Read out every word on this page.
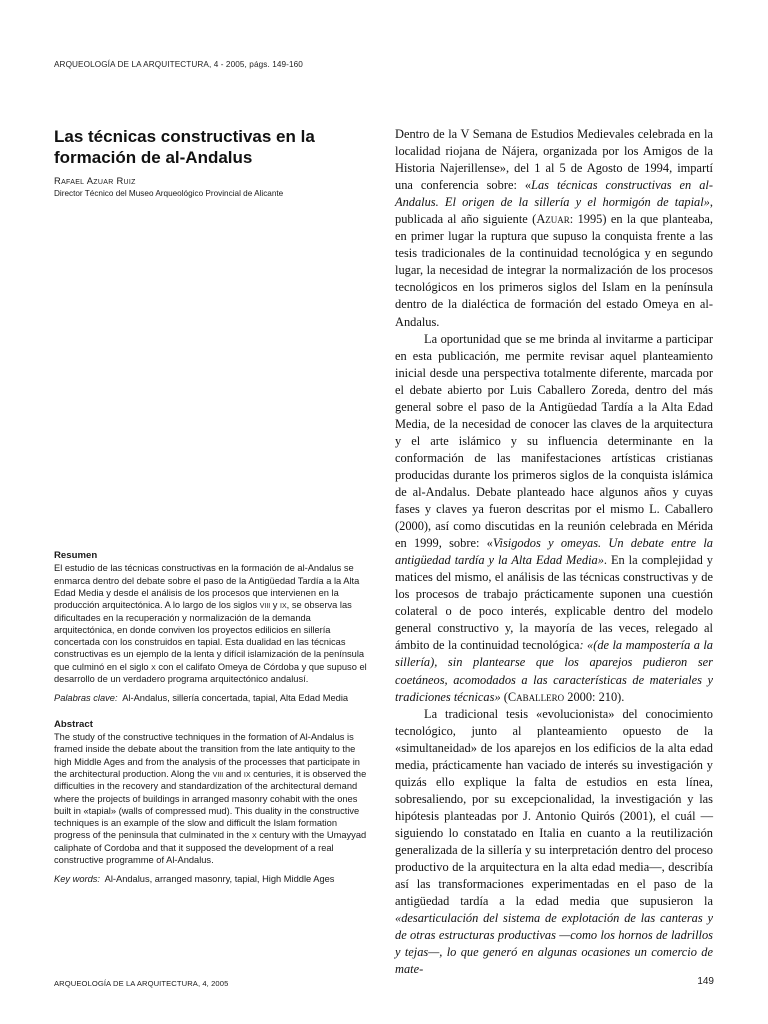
ARQUEOLOGÍA DE LA ARQUITECTURA, 4 - 2005, págs. 149-160
Las técnicas constructivas en la formación de al-Andalus
Rafael Azuar Ruiz
Director Técnico del Museo Arqueológico Provincial de Alicante
Resumen

El estudio de las técnicas constructivas en la formación de al-Andalus se enmarca dentro del debate sobre el paso de la Antigüedad Tardía a la Alta Edad Media y desde el análisis de los procesos que intervienen en la producción arquitectónica. A lo largo de los siglos viii y ix, se observa las dificultades en la recuperación y normalización de la demanda arquitectónica, en donde conviven los proyectos edilicios en sillería concertada con los construidos en tapial. Esta dualidad en las técnicas constructivas es un ejemplo de la lenta y difícil islamización de la península que culminó en el siglo x con el califato Omeya de Córdoba y que supuso el desarrollo de un verdadero programa arquitectónico andalusí.

Palabras clave: Al-Andalus, sillería concertada, tapial, Alta Edad Media

Abstract

The study of the constructive techniques in the formation of Al-Andalus is framed inside the debate about the transition from the late antiquity to the high Middle Ages and from the analysis of the processes that participate in the architectural production. Along the viii and ix centuries, it is observed the difficulties in the recovery and standardization of the architectural demand where the projects of buildings in arranged masonry cohabit with the ones built in «tapial» (walls of compressed mud). This duality in the constructive techniques is an example of the slow and difficult the Islam formation progress of the peninsula that culminated in the x century with the Umayyad caliphate of Cordoba and that it supposed the development of a real constructive programme of Al-Andalus.

Key words: Al-Andalus, arranged masonry, tapial, High Middle Ages

Dentro de la V Semana de Estudios Medievales celebrada en la localidad riojana de Nájera, organizada por los Amigos de la Historia Najerillense», del 1 al 5 de Agosto de 1994, impartí una conferencia sobre: «Las técnicas constructivas en al-Andalus. El origen de la sillería y el hormigón de tapial», publicada al año siguiente (Azuar: 1995) en la que planteaba, en primer lugar la ruptura que supuso la conquista frente a las tesis tradicionales de la continuidad tecnológica y en segundo lugar, la necesidad de integrar la normalización de los procesos tecnológicos en los primeros siglos del Islam en la península dentro de la dialéctica de formación del estado Omeya en al-Andalus.

La oportunidad que se me brinda al invitarme a participar en esta publicación, me permite revisar aquel planteamiento inicial desde una perspectiva totalmente diferente, marcada por el debate abierto por Luis Caballero Zoreda, dentro del más general sobre el paso de la Antigüedad Tardía a la Alta Edad Media, de la necesidad de conocer las claves de la arquitectura y el arte islámico y su influencia determinante en la conformación de las manifestaciones artísticas cristianas producidas durante los primeros siglos de la conquista islámica de al-Andalus. Debate planteado hace algunos años y cuyas fases y claves ya fueron descritas por el mismo L. Caballero (2000), así como discutidas en la reunión celebrada en Mérida en 1999, sobre: «Visigodos y omeyas. Un debate entre la antigüedad tardía y la Alta Edad Media». En la complejidad y matices del mismo, el análisis de las técnicas constructivas y de los procesos de trabajo prácticamente suponen una cuestión colateral o de poco interés, explicable dentro del modelo general constructivo y, la mayoría de las veces, relegado al ámbito de la continuidad tecnológica: «(de la mampostería a la sillería), sin plantearse que los aparejos pudieron ser coetáneos, acomodados a las características de materiales y tradiciones técnicas» (Caballero 2000: 210).

La tradicional tesis «evolucionista» del conocimiento tecnológico, junto al planteamiento opuesto de la «simultaneidad» de los aparejos en los edificios de la alta edad media, prácticamente han vaciado de interés su investigación y quizás ello explique la falta de estudios en esta línea, sobresaliendo, por su excepcionalidad, la investigación y las hipótesis planteadas por J. Antonio Quirós (2001), el cuál —siguiendo lo constatado en Italia en cuanto a la reutilización generalizada de la sillería y su interpretación dentro del proceso productivo de la arquitectura en la alta edad media—, describía así las transformaciones experimentadas en el paso de la antigüedad tardía a la edad media que supusieron la «desarticulación del sistema de explotación de las canteras y de otras estructuras productivas —como los hornos de ladrillos y tejas—, lo que generó en algunas ocasiones un comercio de mate-

ARQUEOLOGÍA DE LA ARQUITECTURA, 4, 2005	149
